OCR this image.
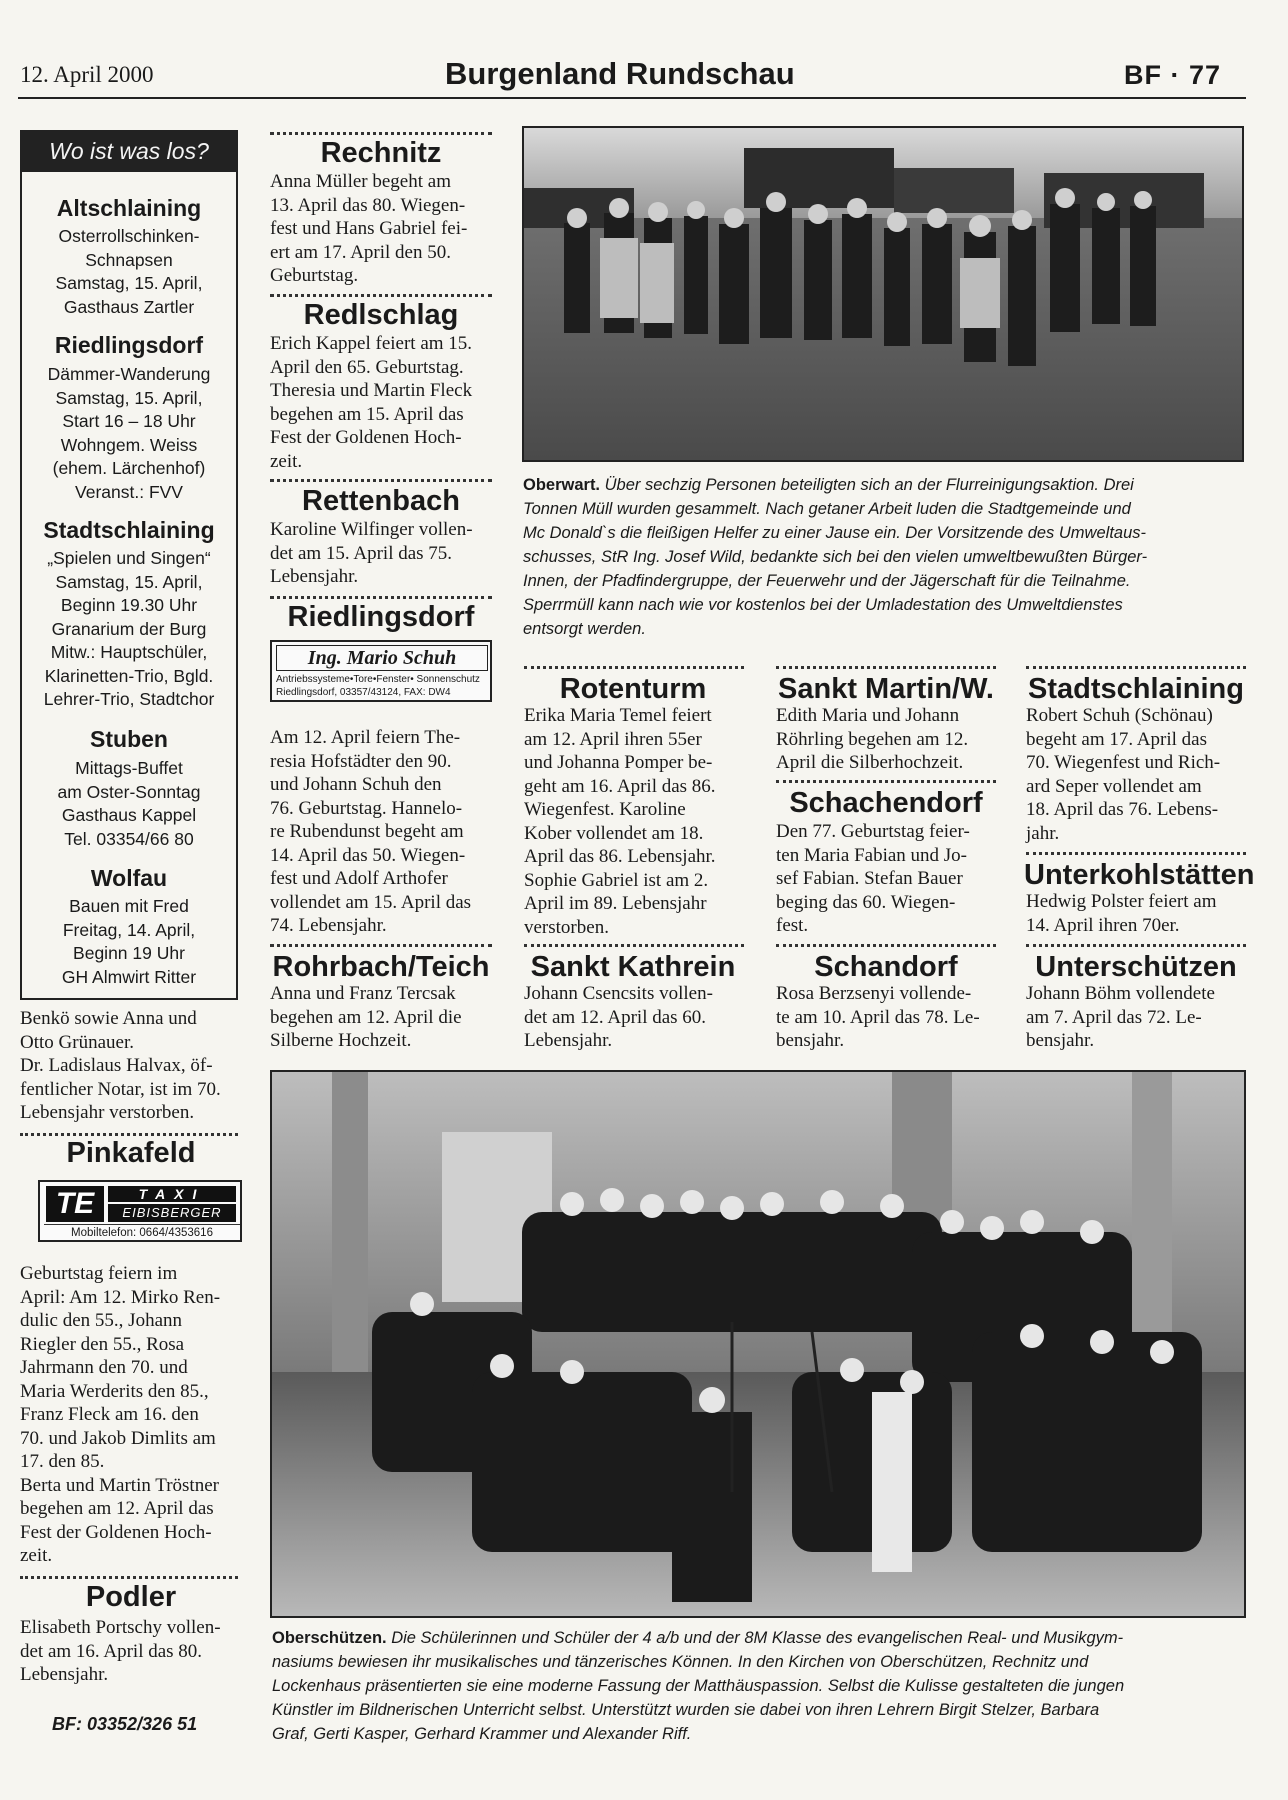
12. April 2000	Burgenland Rundschau	BF · 77
Wo ist was los?
Altschlaining
Osterrollschinken-
Schnapsen
Samstag, 15. April,
Gasthaus Zartler
Riedlingsdorf
Dämmer-Wanderung
Samstag, 15. April,
Start 16 – 18 Uhr
Wohngem. Weiss
(ehem. Lärchenhof)
Veranst.: FVV
Stadtschlaining
„Spielen und Singen“
Samstag, 15. April,
Beginn 19.30 Uhr
Granarium der Burg
Mitw.: Hauptschüler,
Klarinetten-Trio, Bgld.
Lehrer-Trio, Stadtchor
Stuben
Mittags-Buffet
am Oster-Sonntag
Gasthaus Kappel
Tel. 03354/66 80
Wolfau
Bauen mit Fred
Freitag, 14. April,
Beginn 19 Uhr
GH Almwirt Ritter
Benkö sowie Anna und
Otto Grünauer.
Dr. Ladislaus Halvax, öf-
fentlicher Notar, ist im 70.
Lebensjahr verstorben.
Pinkafeld
TE	TAXI
EIBISBERGER
Mobiltelefon: 0664/4353616
Geburtstag feiern im
April: Am 12. Mirko Ren-
dulic den 55., Johann
Riegler den 55., Rosa
Jahrmann den 70. und
Maria Werderits den 85.,
Franz Fleck am 16. den
70. und Jakob Dimlits am
17. den 85.
Berta und Martin Tröstner
begehen am 12. April das
Fest der Goldenen Hoch-
zeit.
Podler
Elisabeth Portschy vollen-
det am 16. April das 80.
Lebensjahr.
BF: 03352/326 51
Rechnitz
Anna Müller begeht am
13. April das 80. Wiegen-
fest und Hans Gabriel fei-
ert am 17. April den 50.
Geburtstag.
Redlschlag
Erich Kappel feiert am 15.
April den 65. Geburtstag.
Theresia und Martin Fleck
begehen am 15. April das
Fest der Goldenen Hoch-
zeit.
Rettenbach
Karoline Wilfinger vollen-
det am 15. April das 75.
Lebensjahr.
Riedlingsdorf
Ing. Mario Schuh
Antriebssysteme•Tore•Fenster• Sonnenschutz
Riedlingsdorf, 03357/43124, FAX: DW4
Am 12. April feiern The-
resia Hofstädter den 90.
und Johann Schuh den
76. Geburtstag. Hannelo-
re Rubendunst begeht am
14. April das 50. Wiegen-
fest und Adolf Arthofer
vollendet am 15. April das
74. Lebensjahr.
Rohrbach/Teich
Anna und Franz Tercsak
begehen am 12. April die
Silberne Hochzeit.
Oberwart. Über sechzig Personen beteiligten sich an der Flurreinigungsaktion. Drei
Tonnen Müll wurden gesammelt. Nach getaner Arbeit luden die Stadtgemeinde und
Mc Donald`s die fleißigen Helfer zu einer Jause ein. Der Vorsitzende des Umweltaus-
schusses, StR Ing. Josef Wild, bedankte sich bei den vielen umweltbewußten Bürger-
Innen, der Pfadfindergruppe, der Feuerwehr und der Jägerschaft für die Teilnahme.
Sperrmüll kann nach wie vor kostenlos bei der Umladestation des Umweltdienstes
entsorgt werden.
Rotenturm
Erika Maria Temel feiert
am 12. April ihren 55er
und Johanna Pomper be-
geht am 16. April das 86.
Wiegenfest. Karoline
Kober vollendet am 18.
April das 86. Lebensjahr.
Sophie Gabriel ist am 2.
April im 89. Lebensjahr
verstorben.
Sankt Kathrein
Johann Csencsits vollen-
det am 12. April das 60.
Lebensjahr.
Sankt Martin/W.
Edith Maria und Johann
Röhrling begehen am 12.
April die Silberhochzeit.
Schachendorf
Den 77. Geburtstag feier-
ten Maria Fabian und Jo-
sef Fabian. Stefan Bauer
beging das 60. Wiegen-
fest.
Schandorf
Rosa Berzsenyi vollende-
te am 10. April das 78. Le-
bensjahr.
Stadtschlaining
Robert Schuh (Schönau)
begeht am 17. April das
70. Wiegenfest und Rich-
ard Seper vollendet am
18. April das 76. Lebens-
jahr.
Unterkohlstätten
Hedwig Polster feiert am
14. April ihren 70er.
Unterschützen
Johann Böhm vollendete
am 7. April das 72. Le-
bensjahr.
Oberschützen. Die Schülerinnen und Schüler der 4 a/b und der 8M Klasse des evangelischen Real- und Musikgym-
nasiums bewiesen ihr musikalisches und tänzerisches Können. In den Kirchen von Oberschützen, Rechnitz und
Lockenhaus präsentierten sie eine moderne Fassung der Matthäuspassion. Selbst die Kulisse gestalteten die jungen
Künstler im Bildnerischen Unterricht selbst. Unterstützt wurden sie dabei von ihren Lehrern Birgit Stelzer, Barbara
Graf, Gerti Kasper, Gerhard Krammer und Alexander Riff.
